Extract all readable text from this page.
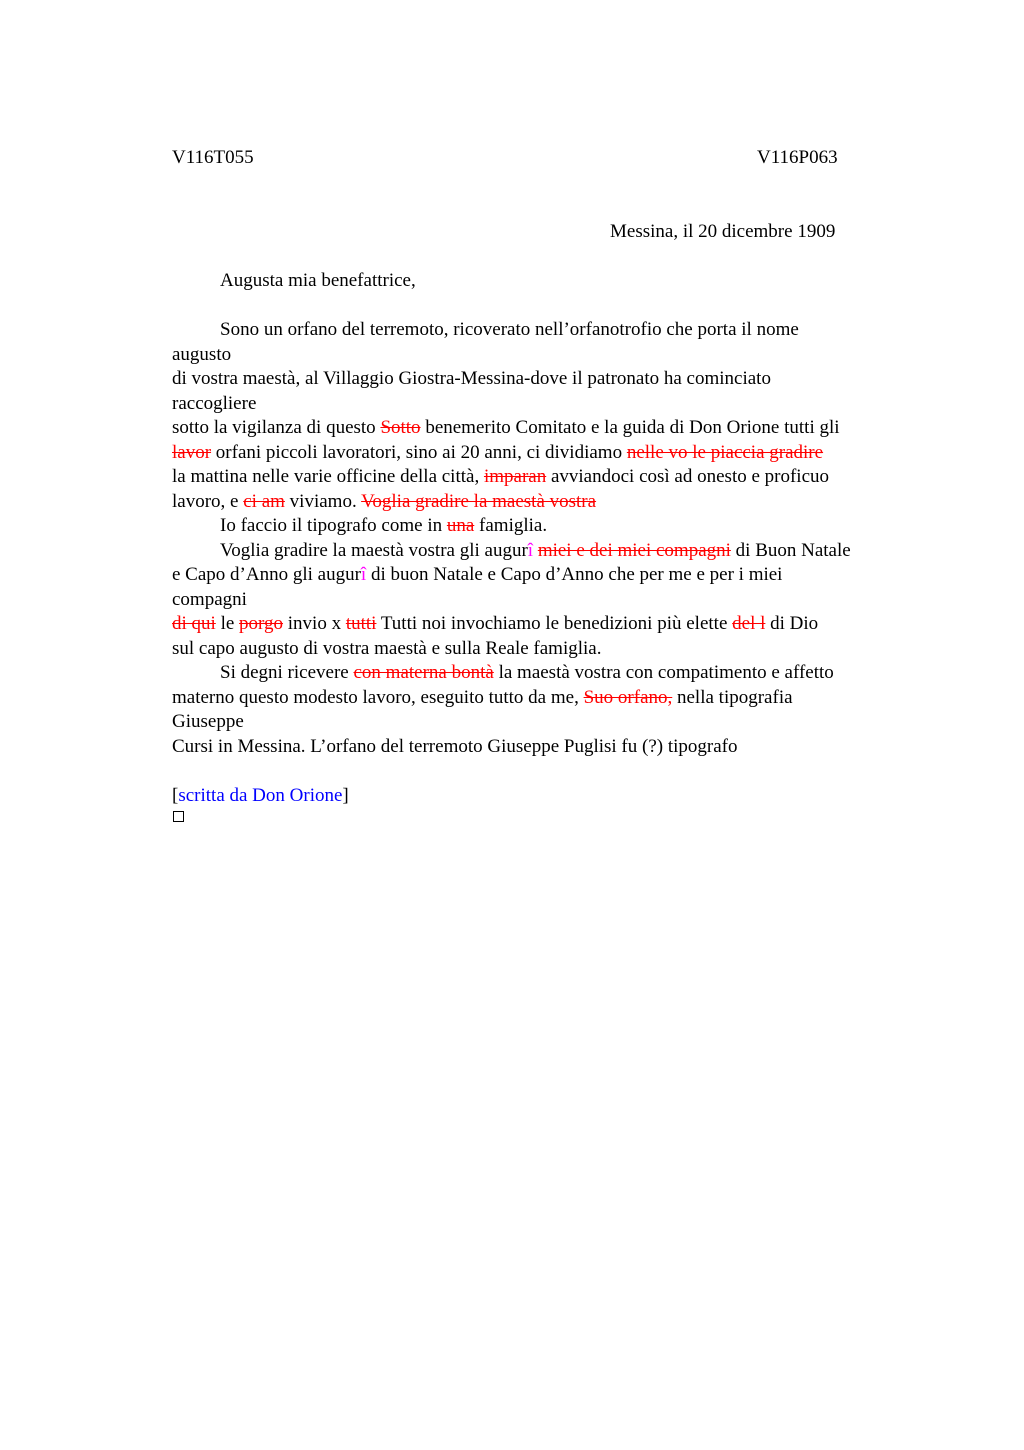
V116T055	V116P063
Messina, il 20 dicembre 1909
Augusta mia benefattrice,
Sono un orfano del terremoto, ricoverato nell’orfanotrofio che porta il nome
augusto
di vostra maestà, al Villaggio Giostra-Messina-dove il patronato ha cominciato
raccogliere
sotto la vigilanza di questo Sotto benemerito Comitato e la guida di Don Orione tutti gli
lavor orfani piccoli lavoratori, sino ai 20 anni, ci dividiamo nelle vo le piaccia gradire
la mattina nelle varie officine della città, imparan avviandoci così ad onesto e proficuo
lavoro, e ci am viviamo. Voglia gradire la maestà vostra
Io faccio il tipografo come in una famiglia.
Voglia gradire la maestà vostra gli augurî miei e dei miei compagni di Buon Natale
e Capo d’Anno gli augurî di buon Natale e Capo d’Anno che per me e per i miei
compagni
di qui le porgo invio x tutti Tutti noi invochiamo le benedizioni più elette del l di Dio
sul capo augusto di vostra maestà e sulla Reale famiglia.
Si degni ricevere con materna bontà la maestà vostra con compatimento e affetto
materno questo modesto lavoro, eseguito tutto da me, Suo orfano, nella tipografia
Giuseppe
Cursi in Messina. L’orfano del terremoto Giuseppe Puglisi fu (?) tipografo
[scritta da Don Orione]
